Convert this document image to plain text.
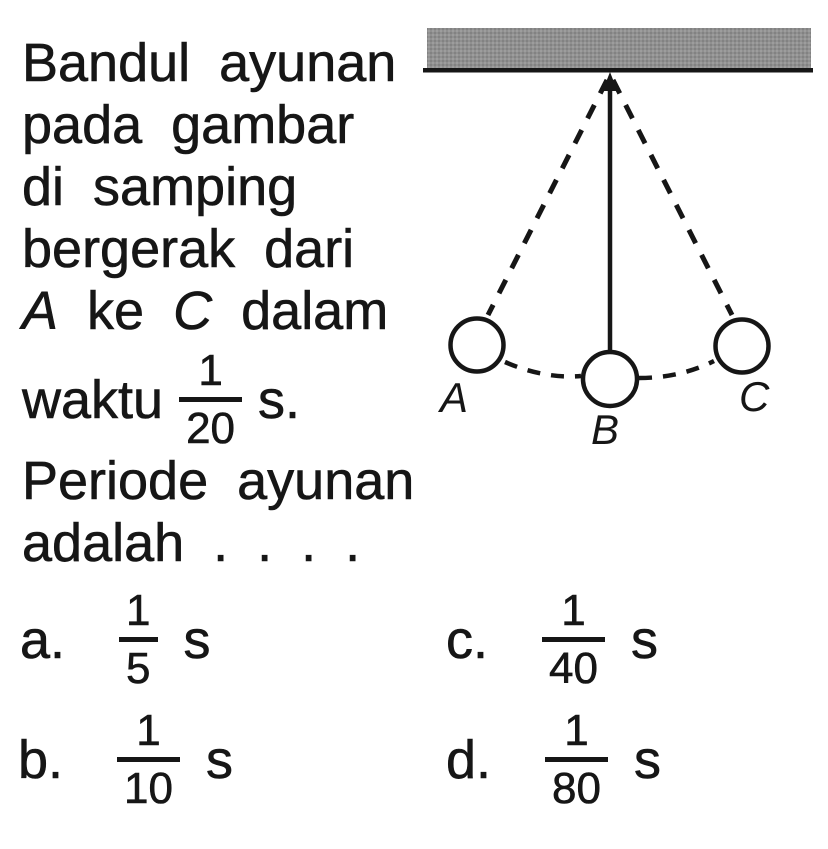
Bandul ayunan
pada gambar
di samping
bergerak dari
A ke C dalam
waktu $\frac{1}{20} s$.
Periode ayunan
adalah . . . .
A
B
C
a. $\frac{1}{5}$ s
b. $\frac{1}{10}$ s
c. $\frac{1}{40}$ s
d. $\frac{1}{80}$ s
